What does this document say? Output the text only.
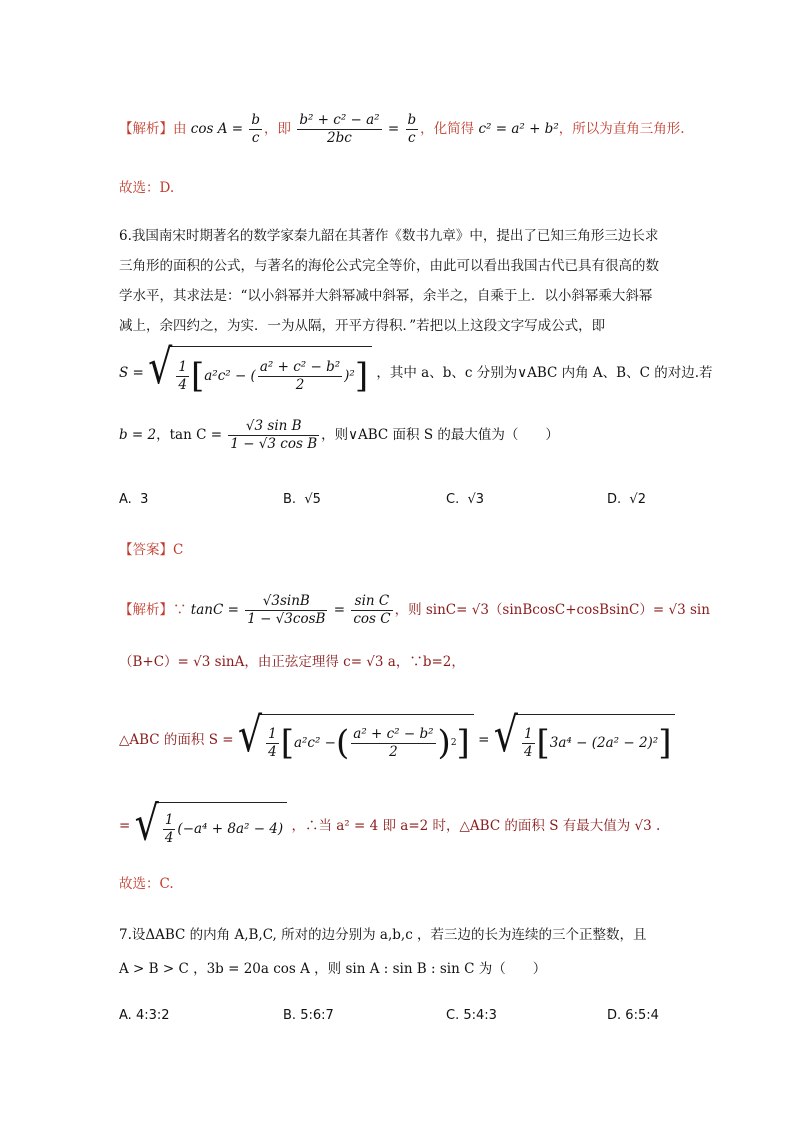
【解析】由 $\cos A = \frac{b}{c}$ ，即 $\frac{\text{b² + c² − a²}}{2bc} = \frac{b}{c}$ ，化简得 c² = a² + b²，所以为直角三角形.
故选：D.
6.我国南宋时期著名的数学家秦九韶在其著作《数书九章》中，提出了已知三角形三边长求
三角形的面积的公式，与著名的海伦公式完全等价，由此可以看出我国古代已具有很高的数
学水平，其求法是：“以小斜幂并大斜幂减中斜幂，余半之，自乘于上．以小斜幂乘大斜幂
减上，余四约之，为实．一为从隔，开平方得积．”若把以上这段文字写成公式，即
S = √ $\frac{1}{4}$ [ a²c² − ( $\frac{\text{a² + c² − b²}}{2} )^2$ ] ，其中 a、b、c 分别为∨ABC 内角 A、B、C 的对边.若
b = 2，$\tan C = \frac{\text{√3 sin B}}{\text{1 − √3 cos B}}$ ，则∨ABC 面积 S 的最大值为（　　）
A. 3	B. √5	C. √3	D. √2
【答案】C
【解析】∵ $\tan C = \frac{√3\sin B}{1 - √3\cos B} = \frac{\text{sin C}}{\text{cos C}}$ ，则 sinC= √3（sinBcosC+cosBsinC）= √3 sin
（B+C）= √3 sinA，由正弦定理得 c= √3 a，∵b=2，
△ABC 的面积 S = √ $\frac{1}{4}$ [ a²c² − ( $\frac{\text{a² + c² − b²}}{2}$ ) 2 ] = √ $\frac{1}{4}$ [ 3a⁴ − (2a² − 2)² ]
= √ $\frac{1}{4} (-a^4 + 8a^2 - 4)$ ，∴当 a² = 4 即 a=2 时，△ABC 的面积 S 有最大值为 √3 .
故选：C.
7.设ΔABC 的内角 A,B,C, 所对的边分别为 a,b,c ，若三边的长为连续的三个正整数，且
A > B > C ，3b = 20a cos A ，则 sin A : sin B : sin C 为（　　）
A. 4:3:2	B. 5:6:7	C. 5:4:3	D. 6:5:4
